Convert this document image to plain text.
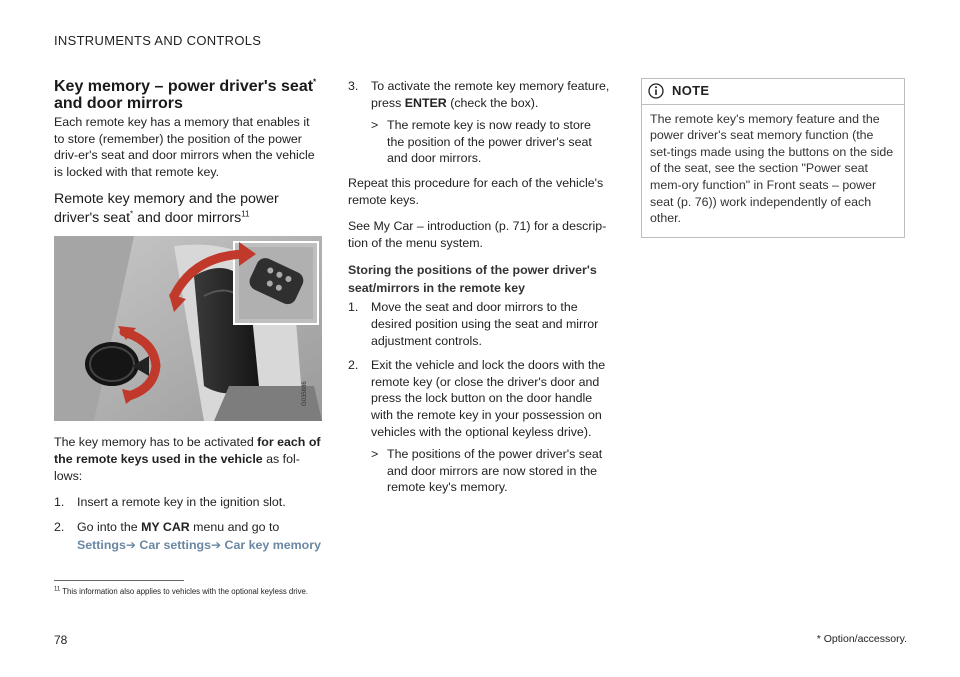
INSTRUMENTS AND CONTROLS
Key memory – power driver's seat*
and door mirrors

Each remote key has a memory that enables it to store (remember) the position of the power driv-er's seat and door mirrors when the vehicle is locked with that remote key.

Remote key memory and the power driver's seat* and door mirrors$^{11}$
G035886

The key memory has to be activated for each of the remote keys used in the vehicle as fol-lows:

1. Insert a remote key in the ignition slot.
2. Go into the MY CAR menu and go to
Settings➔ Car settings➔ Car key memory
3. To activate the remote key memory feature, press ENTER (check the box).
> The remote key is now ready to store the position of the power driver's seat and door mirrors.

Repeat this procedure for each of the vehicle's remote keys.

See My Car – introduction (p. 71) for a descrip-tion of the menu system.

Storing the positions of the power driver's seat/mirrors in the remote key
1. Move the seat and door mirrors to the desired position using the seat and mirror adjustment controls.
2. Exit the vehicle and lock the doors with the remote key (or close the driver's door and press the lock button on the door handle with the remote key in your possession on vehicles with the optional keyless drive).
> The positions of the power driver's seat and door mirrors are now stored in the remote key's memory.
NOTE
The remote key's memory feature and the power driver's seat memory function (the set-tings made using the buttons on the side of the seat, see the section "Power seat mem-ory function" in Front seats – power seat (p. 76)) work independently of each other.
$^{11}$ This information also applies to vehicles with the optional keyless drive.
78	* Option/accessory.
